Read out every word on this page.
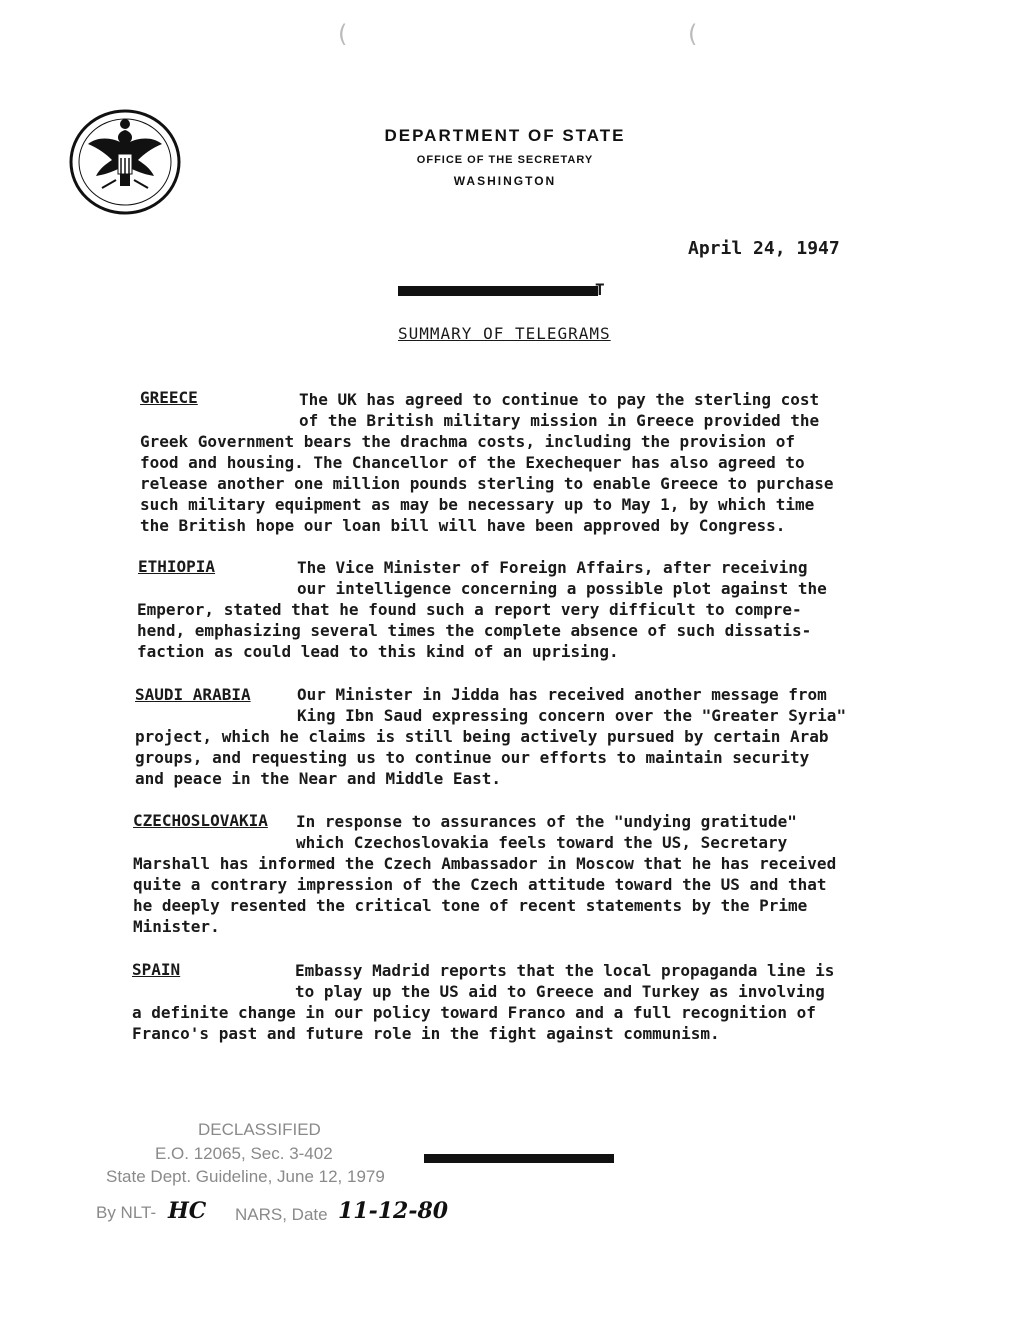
(	(
DEPARTMENT OF STATE
OFFICE OF THE SECRETARY
WASHINGTON
April 24, 1947
T
SUMMARY OF TELEGRAMS
GREECE	The UK has agreed to continue to pay the sterling cost
of the British military mission in Greece provided the
Greek Government bears the drachma costs, including the provision of
food and housing. The Chancellor of the Exechequer has also agreed to
release another one million pounds sterling to enable Greece to purchase
such military equipment as may be necessary up to May 1, by which time
the British hope our loan bill will have been approved by Congress.
ETHIOPIA	The Vice Minister of Foreign Affairs, after receiving
our intelligence concerning a possible plot against the
Emperor, stated that he found such a report very difficult to compre-
hend, emphasizing several times the complete absence of such dissatis-
faction as could lead to this kind of an uprising.
SAUDI ARABIA	Our Minister in Jidda has received another message from
King Ibn Saud expressing concern over the "Greater Syria"
project, which he claims is still being actively pursued by certain Arab
groups, and requesting us to continue our efforts to maintain security
and peace in the Near and Middle East.
CZECHOSLOVAKIA In response to assurances of the "undying gratitude"
which Czechoslovakia feels toward the US, Secretary
Marshall has informed the Czech Ambassador in Moscow that he has received
quite a contrary impression of the Czech attitude toward the US and that
he deeply resented the critical tone of recent statements by the Prime
Minister.
SPAIN	Embassy Madrid reports that the local propaganda line is
to play up the US aid to Greece and Turkey as involving
a definite change in our policy toward Franco and a full recognition of
Franco's past and future role in the fight against communism.
DECLASSIFIED
E.O. 12065, Sec. 3-402
State Dept. Guideline, June 12, 1979
By NLT- HC NARS, Date 11-12-80
